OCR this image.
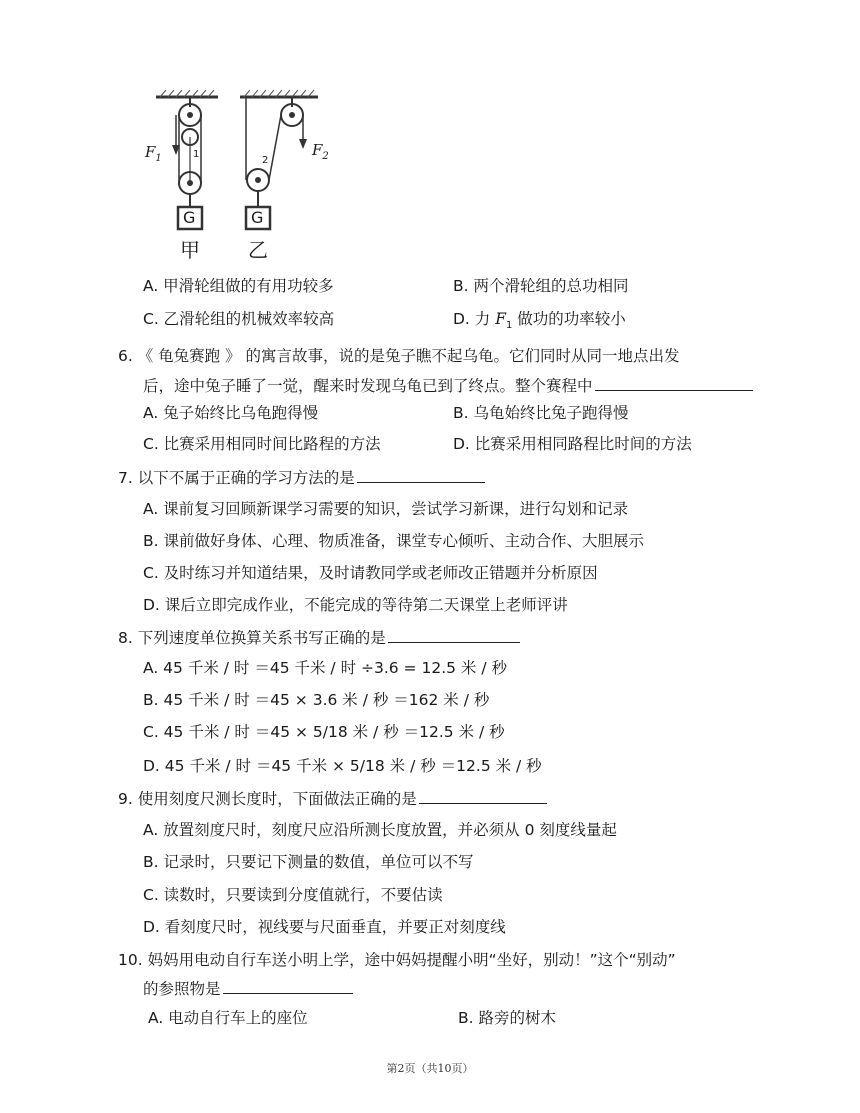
$F_1$	$F_2$
1
2
G	G
甲 乙
A. 甲滑轮组做的有用功较多	B. 两个滑轮组的总功相同
C. 乙滑轮组的机械效率较高	D. 力 $F_1$ 做功的功率较小
6. 《 龟兔赛跑 》 的寓言故事，说的是兔子瞧不起乌龟。它们同时从同一地点出发
后，途中兔子睡了一觉，醒来时发现乌龟已到了终点。整个赛程中
A. 兔子始终比乌龟跑得慢	B. 乌龟始终比兔子跑得慢
C. 比赛采用相同时间比路程的方法	D. 比赛采用相同路程比时间的方法
7. 以下不属于正确的学习方法的是
A. 课前复习回顾新课学习需要的知识，尝试学习新课，进行勾划和记录
B. 课前做好身体、心理、物质准备，课堂专心倾听、主动合作、大胆展示
C. 及时练习并知道结果，及时请教同学或老师改正错题并分析原因
D. 课后立即完成作业，不能完成的等待第二天课堂上老师评讲
8. 下列速度单位换算关系书写正确的是
A. 45 千米 / 时 ＝45 千米 / 时 ÷3.6 = 12.5 米 / 秒
B. 45 千米 / 时 ＝45 × 3.6 米 / 秒 ＝162 米 / 秒
C. 45 千米 / 时 ＝45 × 5/18 米 / 秒 ＝12.5 米 / 秒
D. 45 千米 / 时 ＝45 千米 × 5/18 米 / 秒 ＝12.5 米 / 秒
9. 使用刻度尺测长度时，下面做法正确的是
A. 放置刻度尺时，刻度尺应沿所测长度放置，并必须从 0 刻度线量起
B. 记录时，只要记下测量的数值，单位可以不写
C. 读数时，只要读到分度值就行，不要估读
D. 看刻度尺时，视线要与尺面垂直，并要正对刻度线
10. 妈妈用电动自行车送小明上学，途中妈妈提醒小明“坐好，别动！”这个“别动”
的参照物是
A. 电动自行车上的座位	B. 路旁的树木
第2页（共10页）
